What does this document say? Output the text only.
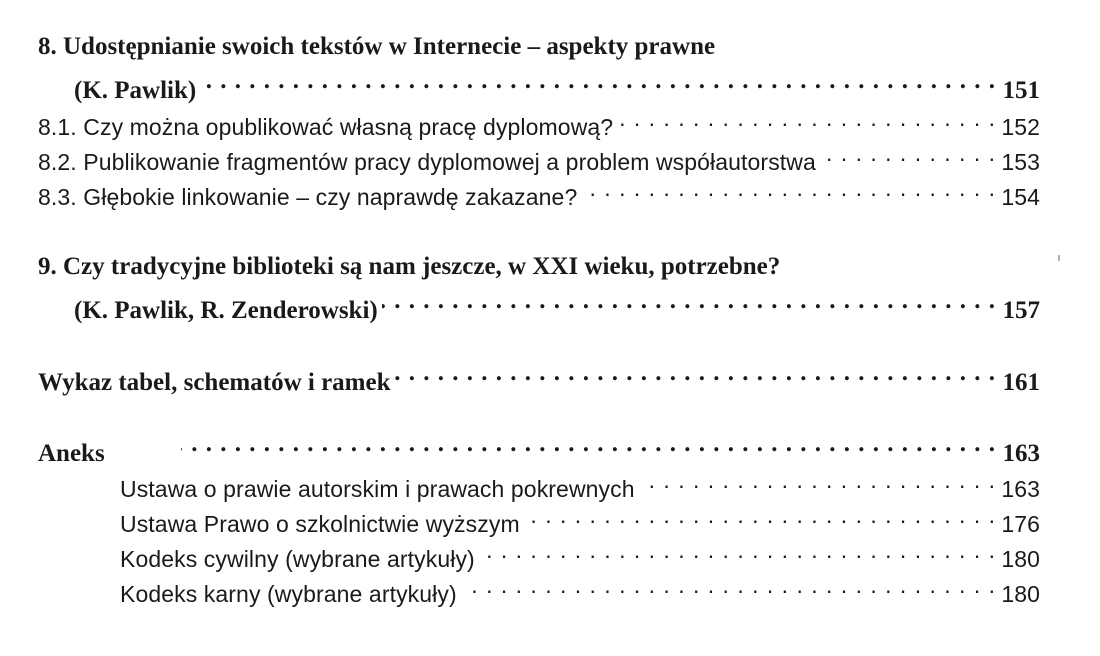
8. Udostępnianie swoich tekstów w Internecie – aspekty prawne
(K. Pawlik) . . .	151
8.1. Czy można opublikować własną pracę dyplomową? . . .	152
8.2. Publikowanie fragmentów pracy dyplomowej a problem współautorstwa . . .	153
8.3. Głębokie linkowanie – czy naprawdę zakazane? . . .	154
9. Czy tradycyjne biblioteki są nam jeszcze, w XXI wieku, potrzebne?
(K. Pawlik, R. Zenderowski) . . .	157
Wykaz tabel, schematów i ramek . . .	161
Aneks . . .	163
Ustawa o prawie autorskim i prawach pokrewnych . . .	163
Ustawa Prawo o szkolnictwie wyższym . . .	176
Kodeks cywilny (wybrane artykuły) . . .	180
Kodeks karny (wybrane artykuły) . . .	180
